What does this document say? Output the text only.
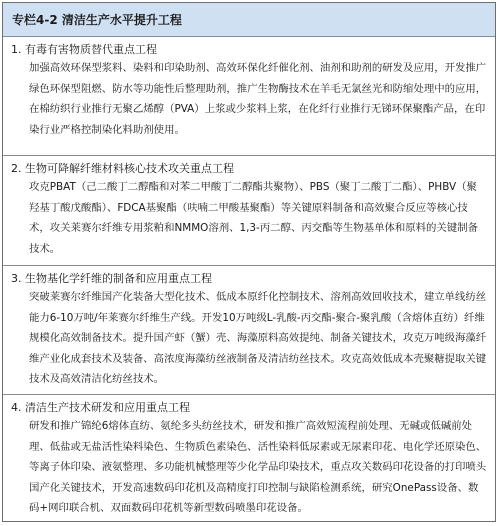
专栏4-2 清洁生产水平提升工程
1. 有毒有害物质替代重点工程
加强高效环保型浆料、染料和印染助剂、高效环保化纤催化剂、油剂和助剂的研发及应用，开发推广绿色环保型阻燃、防水等功能性后整理助剂，推广生物酶技术在羊毛无氯丝光和防缩处理中的应用，在棉纺织行业推行无聚乙烯醇（PVA）上浆或少浆料上浆，在化纤行业推行无锑环保聚酯产品，在印染行业严格控制染化料助剂使用。
2. 生物可降解纤维材料核心技术攻关重点工程
攻克PBAT（己二酸丁二醇酯和对苯二甲酸丁二醇酯共聚物）、PBS（聚丁二酸丁二酯）、PHBV（聚羟基丁酸戊酸酯）、FDCA基聚酯（呋喃二甲酸基聚酯）等关键原料制备和高效聚合反应等核心技术，攻关莱赛尔纤维专用浆粕和NMMO溶剂、1,3-丙二醇、丙交酯等生物基单体和原料的关键制备技术。
3. 生物基化学纤维的制备和应用重点工程
突破莱赛尔纤维国产化装备大型化技术、低成本原纤化控制技术、溶剂高效回收技术，建立单线纺丝能力6-10万吨/年莱赛尔纤维生产线。开发10万吨级L-乳酸-丙交酯-聚合-聚乳酸（含熔体直纺）纤维规模化高效制备技术。提升国产虾（蟹）壳、海藻原料高效提纯、制备关键技术，攻克万吨级海藻纤维产业化成套技术及装备、高浓度海藻纺丝液制备及清洁纺丝技术。攻克高效低成本壳聚糖提取关键技术及高效清洁化纺丝技术。
4. 清洁生产技术研发和应用重点工程
研发和推广锦纶6熔体直纺、氨纶多头纺丝技术，研发和推广高效短流程前处理、无碱或低碱前处理、低盐或无盐活性染料染色、生物质色素染色、活性染料低尿素或无尿素印花、电化学还原染色、等离子体印染、液氨整理、多功能机械整理等少化学品印染技术，重点攻关数码印花设备的打印喷头国产化关键技术，开发高速数码印花机及高精度打印控制与缺陷检测系统，研究OnePass设备、数码+网印联合机、双面数码印花机等新型数码喷墨印花设备。
